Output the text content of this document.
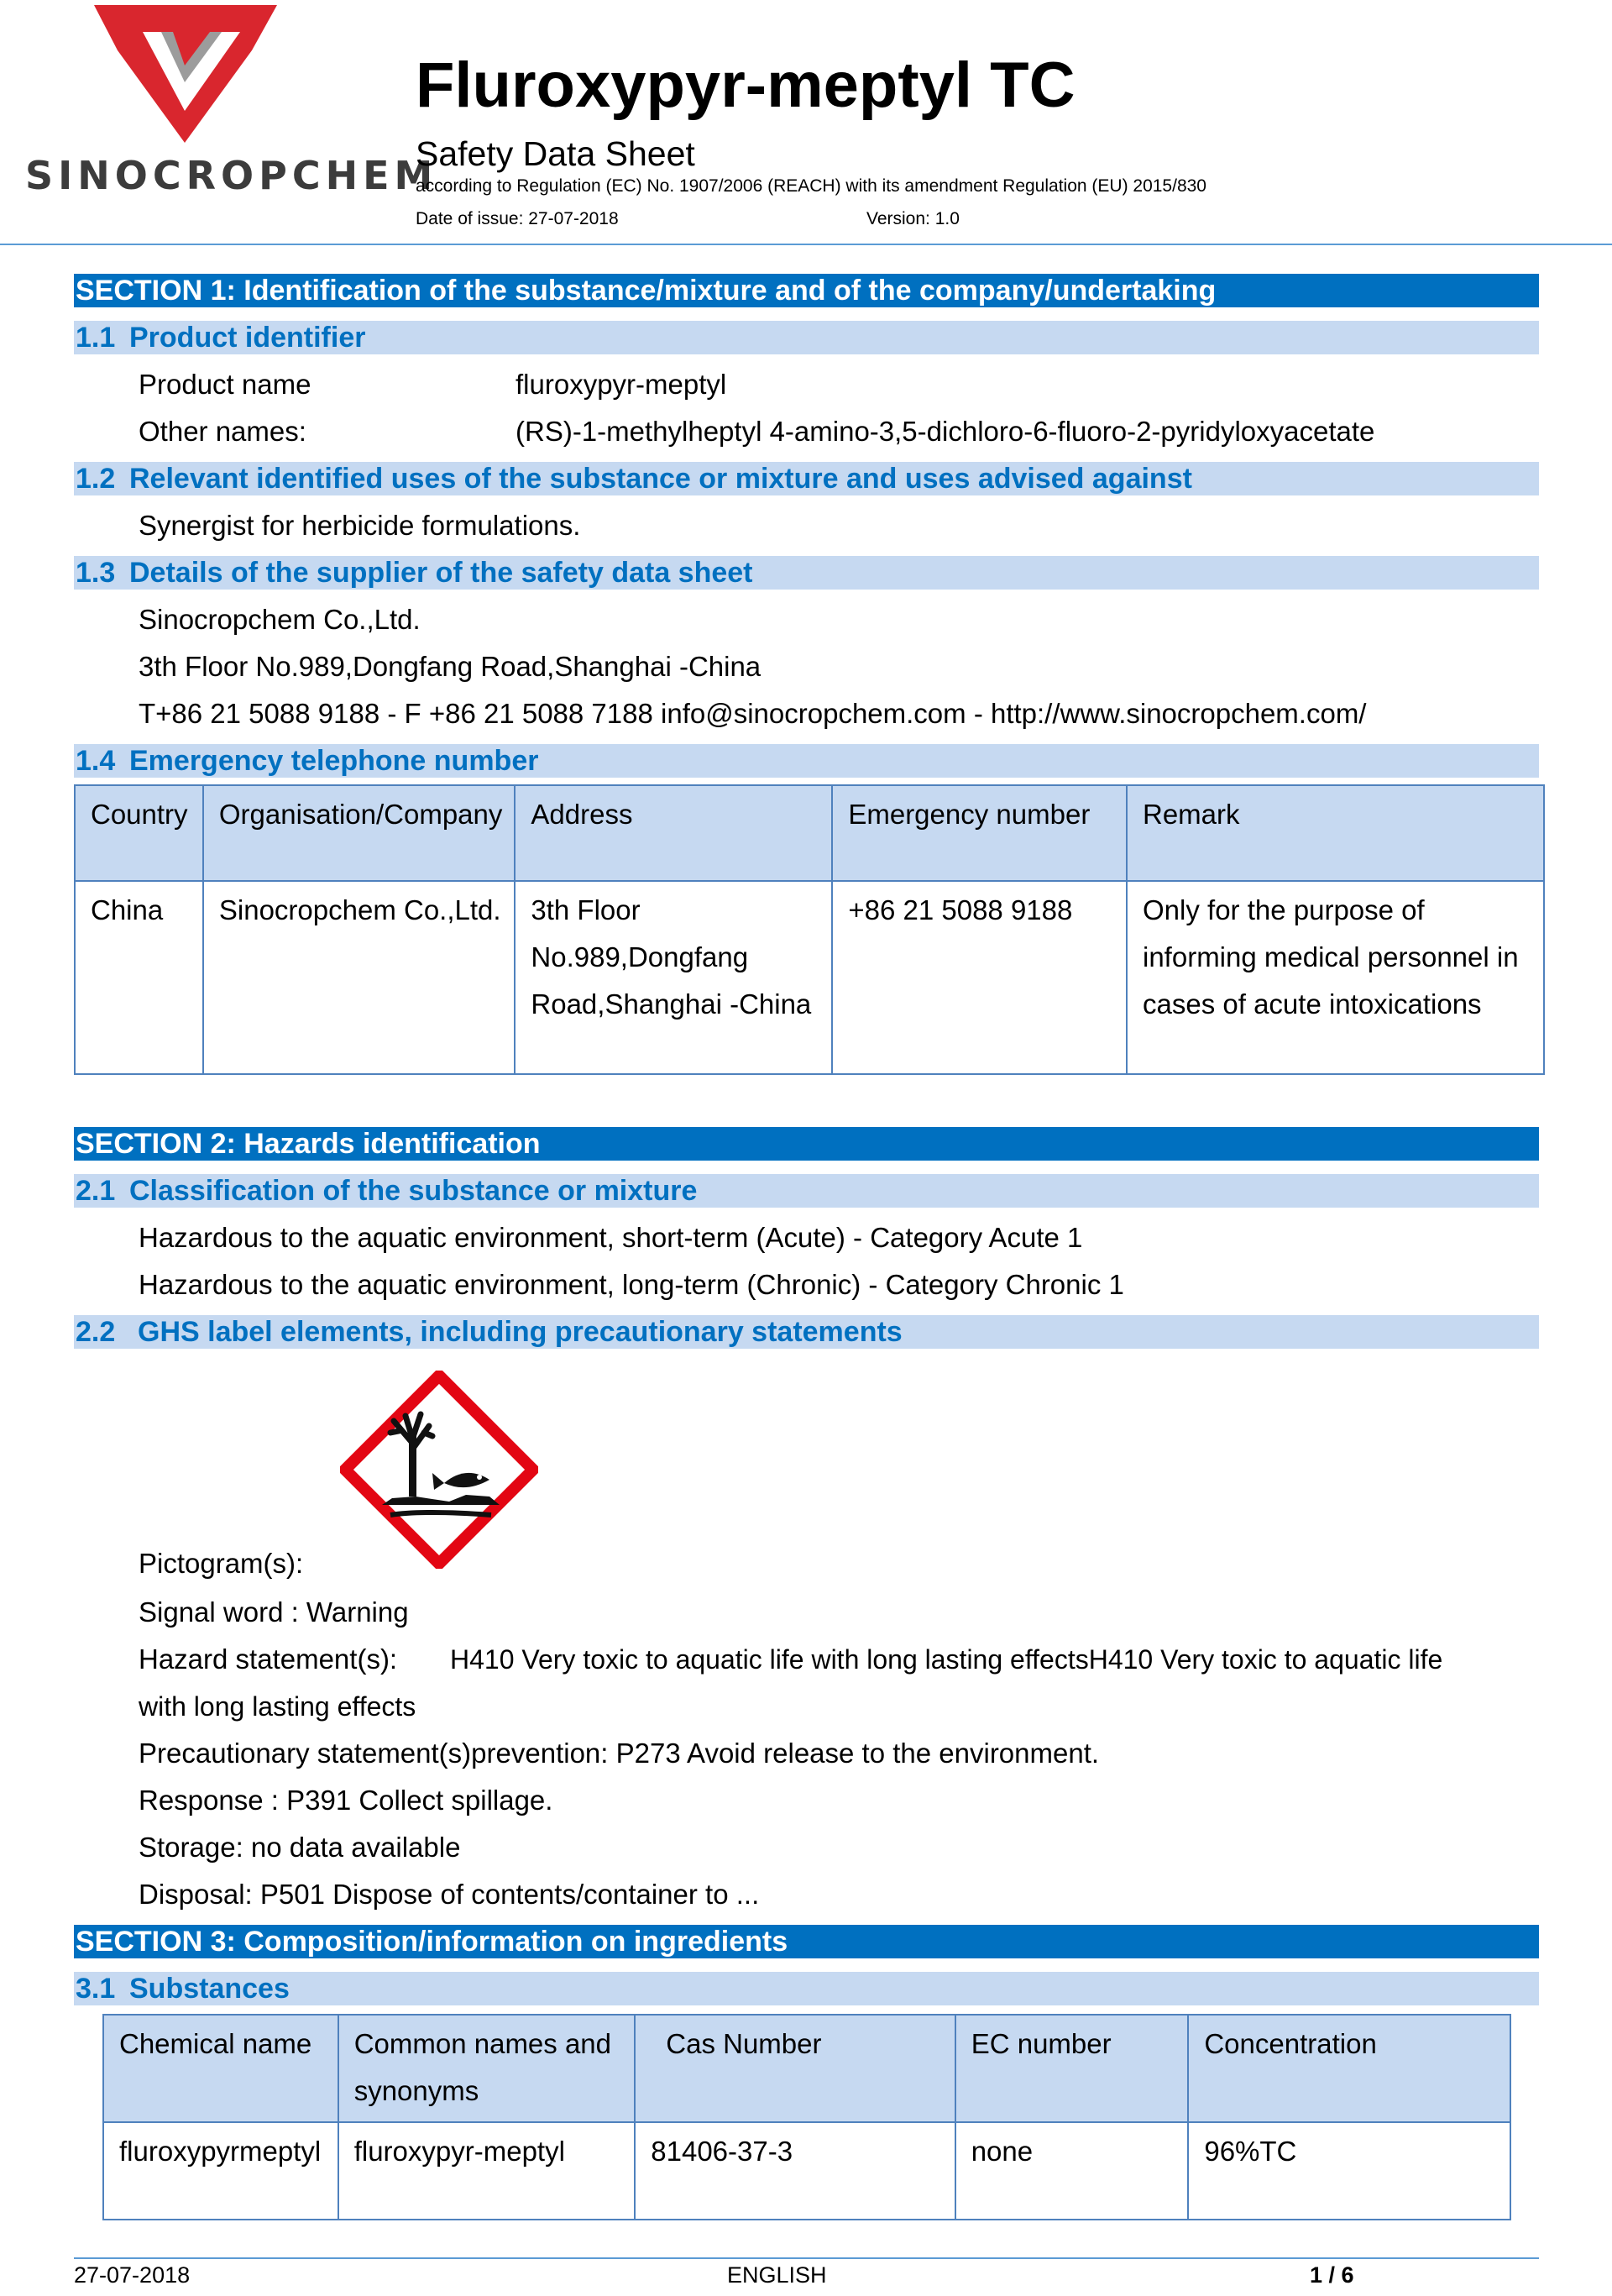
SINOCROPCHEM
Fluroxypyr-meptyl TC
Safety Data Sheet
according to Regulation (EC) No. 1907/2006 (REACH) with its amendment Regulation (EU) 2015/830
Date of issue: 27-07-2018	Version: 1.0
SECTION 1: Identification of the substance/mixture and of the company/undertaking
1.1 Product identifier
Product name	fluroxypyr-meptyl
Other names:	(RS)-1-methylheptyl 4-amino-3,5-dichloro-6-fluoro-2-pyridyloxyacetate
1.2 Relevant identified uses of the substance or mixture and uses advised against
Synergist for herbicide formulations.
1.3 Details of the supplier of the safety data sheet
Sinocropchem Co.,Ltd.
3th Floor No.989,Dongfang Road,Shanghai -China
T+86 21 5088 9188 - F +86 21 5088 7188 info@sinocropchem.com - http://www.sinocropchem.com/
1.4 Emergency telephone number
Country	Organisation/Company	Address	Emergency number	Remark
China	Sinocropchem Co.,Ltd.	3th Floor No.989,Dongfang Road,Shanghai -China	+86 21 5088 9188	Only for the purpose of informing medical personnel in cases of acute intoxications
SECTION 2: Hazards identification
2.1 Classification of the substance or mixture
Hazardous to the aquatic environment, short-term (Acute) - Category Acute 1
Hazardous to the aquatic environment, long-term (Chronic) - Category Chronic 1
2.2 GHS label elements, including precautionary statements
Pictogram(s):
Signal word : Warning
Hazard statement(s): H410 Very toxic to aquatic life with long lasting effectsH410 Very toxic to aquatic life
with long lasting effects
Precautionary statement(s)prevention: P273 Avoid release to the environment.
Response : P391 Collect spillage.
Storage: no data available
Disposal: P501 Dispose of contents/container to ...
SECTION 3: Composition/information on ingredients
3.1 Substances
Chemical name	Common names and synonyms	Cas Number	EC number	Concentration
fluroxypyrmeptyl	fluroxypyr-meptyl	81406-37-3	none	96%TC
27-07-2018	ENGLISH	1 / 6
